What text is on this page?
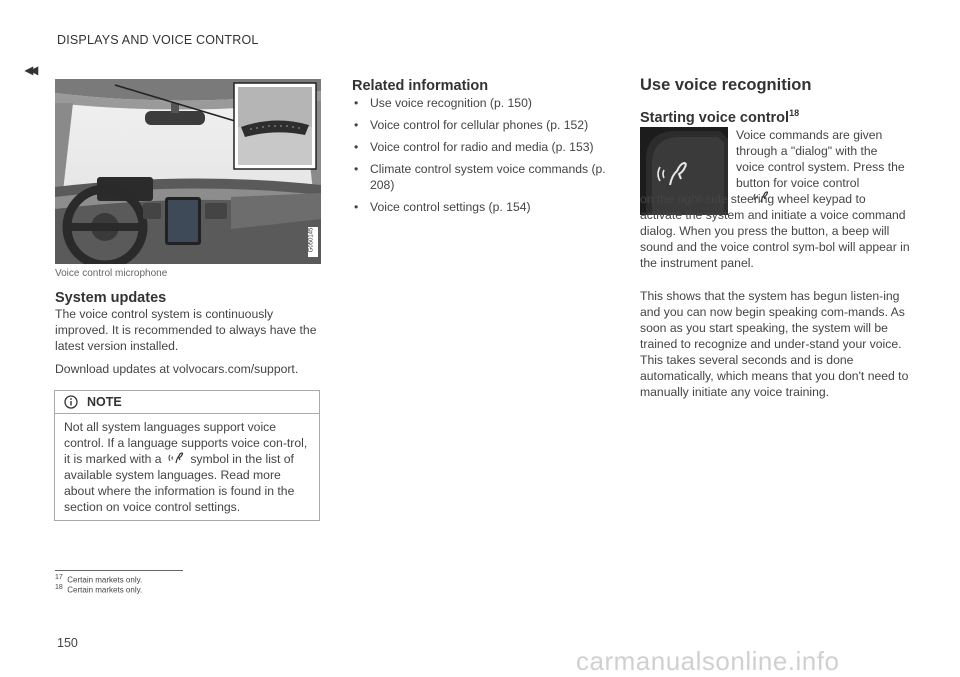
DISPLAYS AND VOICE CONTROL
◂◂
G050145
Voice control microphone
System updates

The voice control system is continuously improved. It is recommended to always have the latest version installed.

Download updates at volvocars.com/support.

NOTE
Not all system languages support voice control. If a language supports voice con-trol, it is marked with a symbol in the list of available system languages. Read more about where the information is found in the section on voice control settings.
Related information
• Use voice recognition (p. 150)
• Voice control for cellular phones (p. 152)
• Voice control for radio and media (p. 153)
• Climate control system voice commands (p. 208)
• Voice control settings (p. 154)
Use voice recognition
Starting voice control$^{18}$
Voice commands are given through a "dialog" with the voice control system. Press the button for voice control
on the right-side steering wheel keypad to activate the system and initiate a voice command dialog. When you press the button, a beep will sound and the voice control sym-bol will appear in the instrument panel.
This shows that the system has begun listen-ing and you can now begin speaking com-mands. As soon as you start speaking, the system will be trained to recognize and under-stand your voice. This takes several seconds and is done automatically, which means that you don't need to manually initiate any voice training.
$^{17}$ Certain markets only.
$^{18}$ Certain markets only.
150
carmanualsonline.info
